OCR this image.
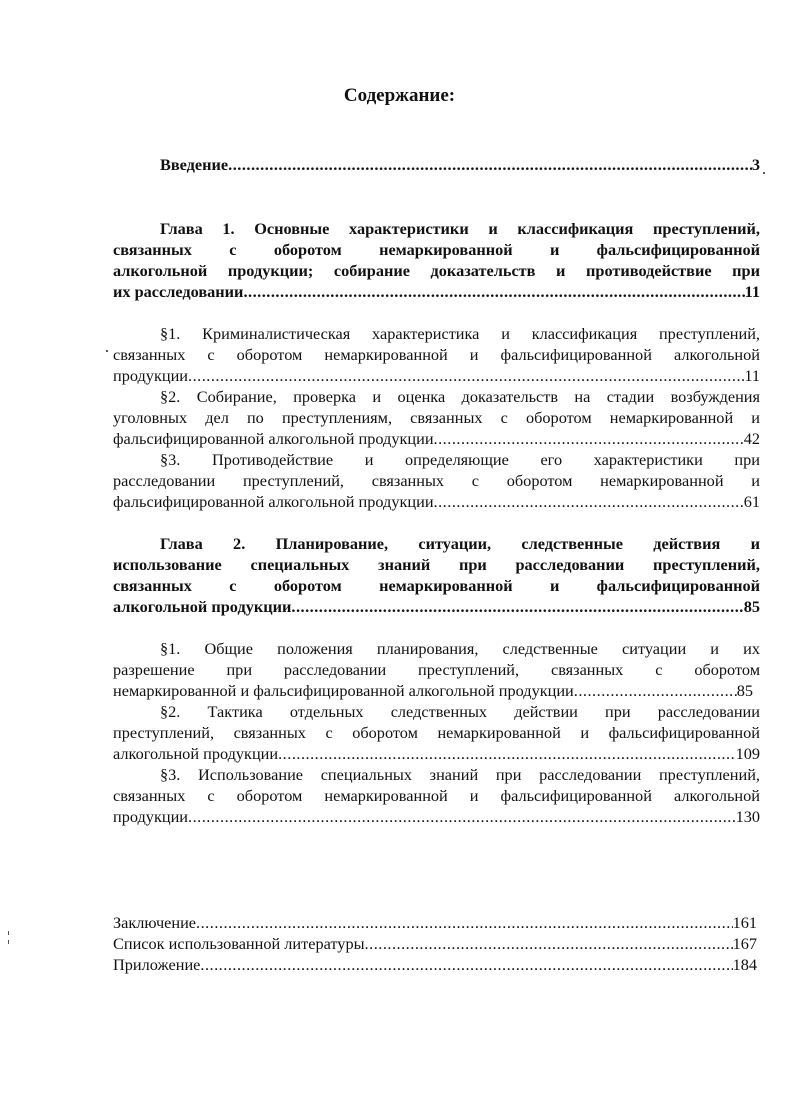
Содержание:
Введение .....	3
Глава 1. Основные характеристики и классификация преступлений,
связанных с оборотом немаркированной и фальсифицированной
алкогольной продукции; собирание доказательств и противодействие при
их расследовании .....	11
§1. Криминалистическая характеристика и классификация преступлений,
связанных с оборотом немаркированной и фальсифицированной алкогольной
продукции .....	11
§2. Собирание, проверка и оценка доказательств на стадии возбуждения
уголовных дел по преступлениям, связанных с оборотом немаркированной и
фальсифицированной алкогольной продукции .....	42
§3. Противодействие и определяющие его характеристики при
расследовании преступлений, связанных с оборотом немаркированной и
фальсифицированной алкогольной продукции .....	61
Глава 2. Планирование, ситуации, следственные действия и
использование специальных знаний при расследовании преступлений,
связанных с оборотом немаркированной и фальсифицированной
алкогольной продукции .....	85
§1. Общие положения планирования, следственные ситуации и их
разрешение при расследовании преступлений, связанных с оборотом
немаркированной и фальсифицированной алкогольной продукции .....	85
§2. Тактика отдельных следственных действии при расследовании
преступлений, связанных с оборотом немаркированной и фальсифицированной
алкогольной продукции .....	109
§3. Использование специальных знаний при расследовании преступлений,
связанных с оборотом немаркированной и фальсифицированной алкогольной
продукции .....	130
Заключение .....	161
Список использованной литературы .....	167
Приложение .....	184
